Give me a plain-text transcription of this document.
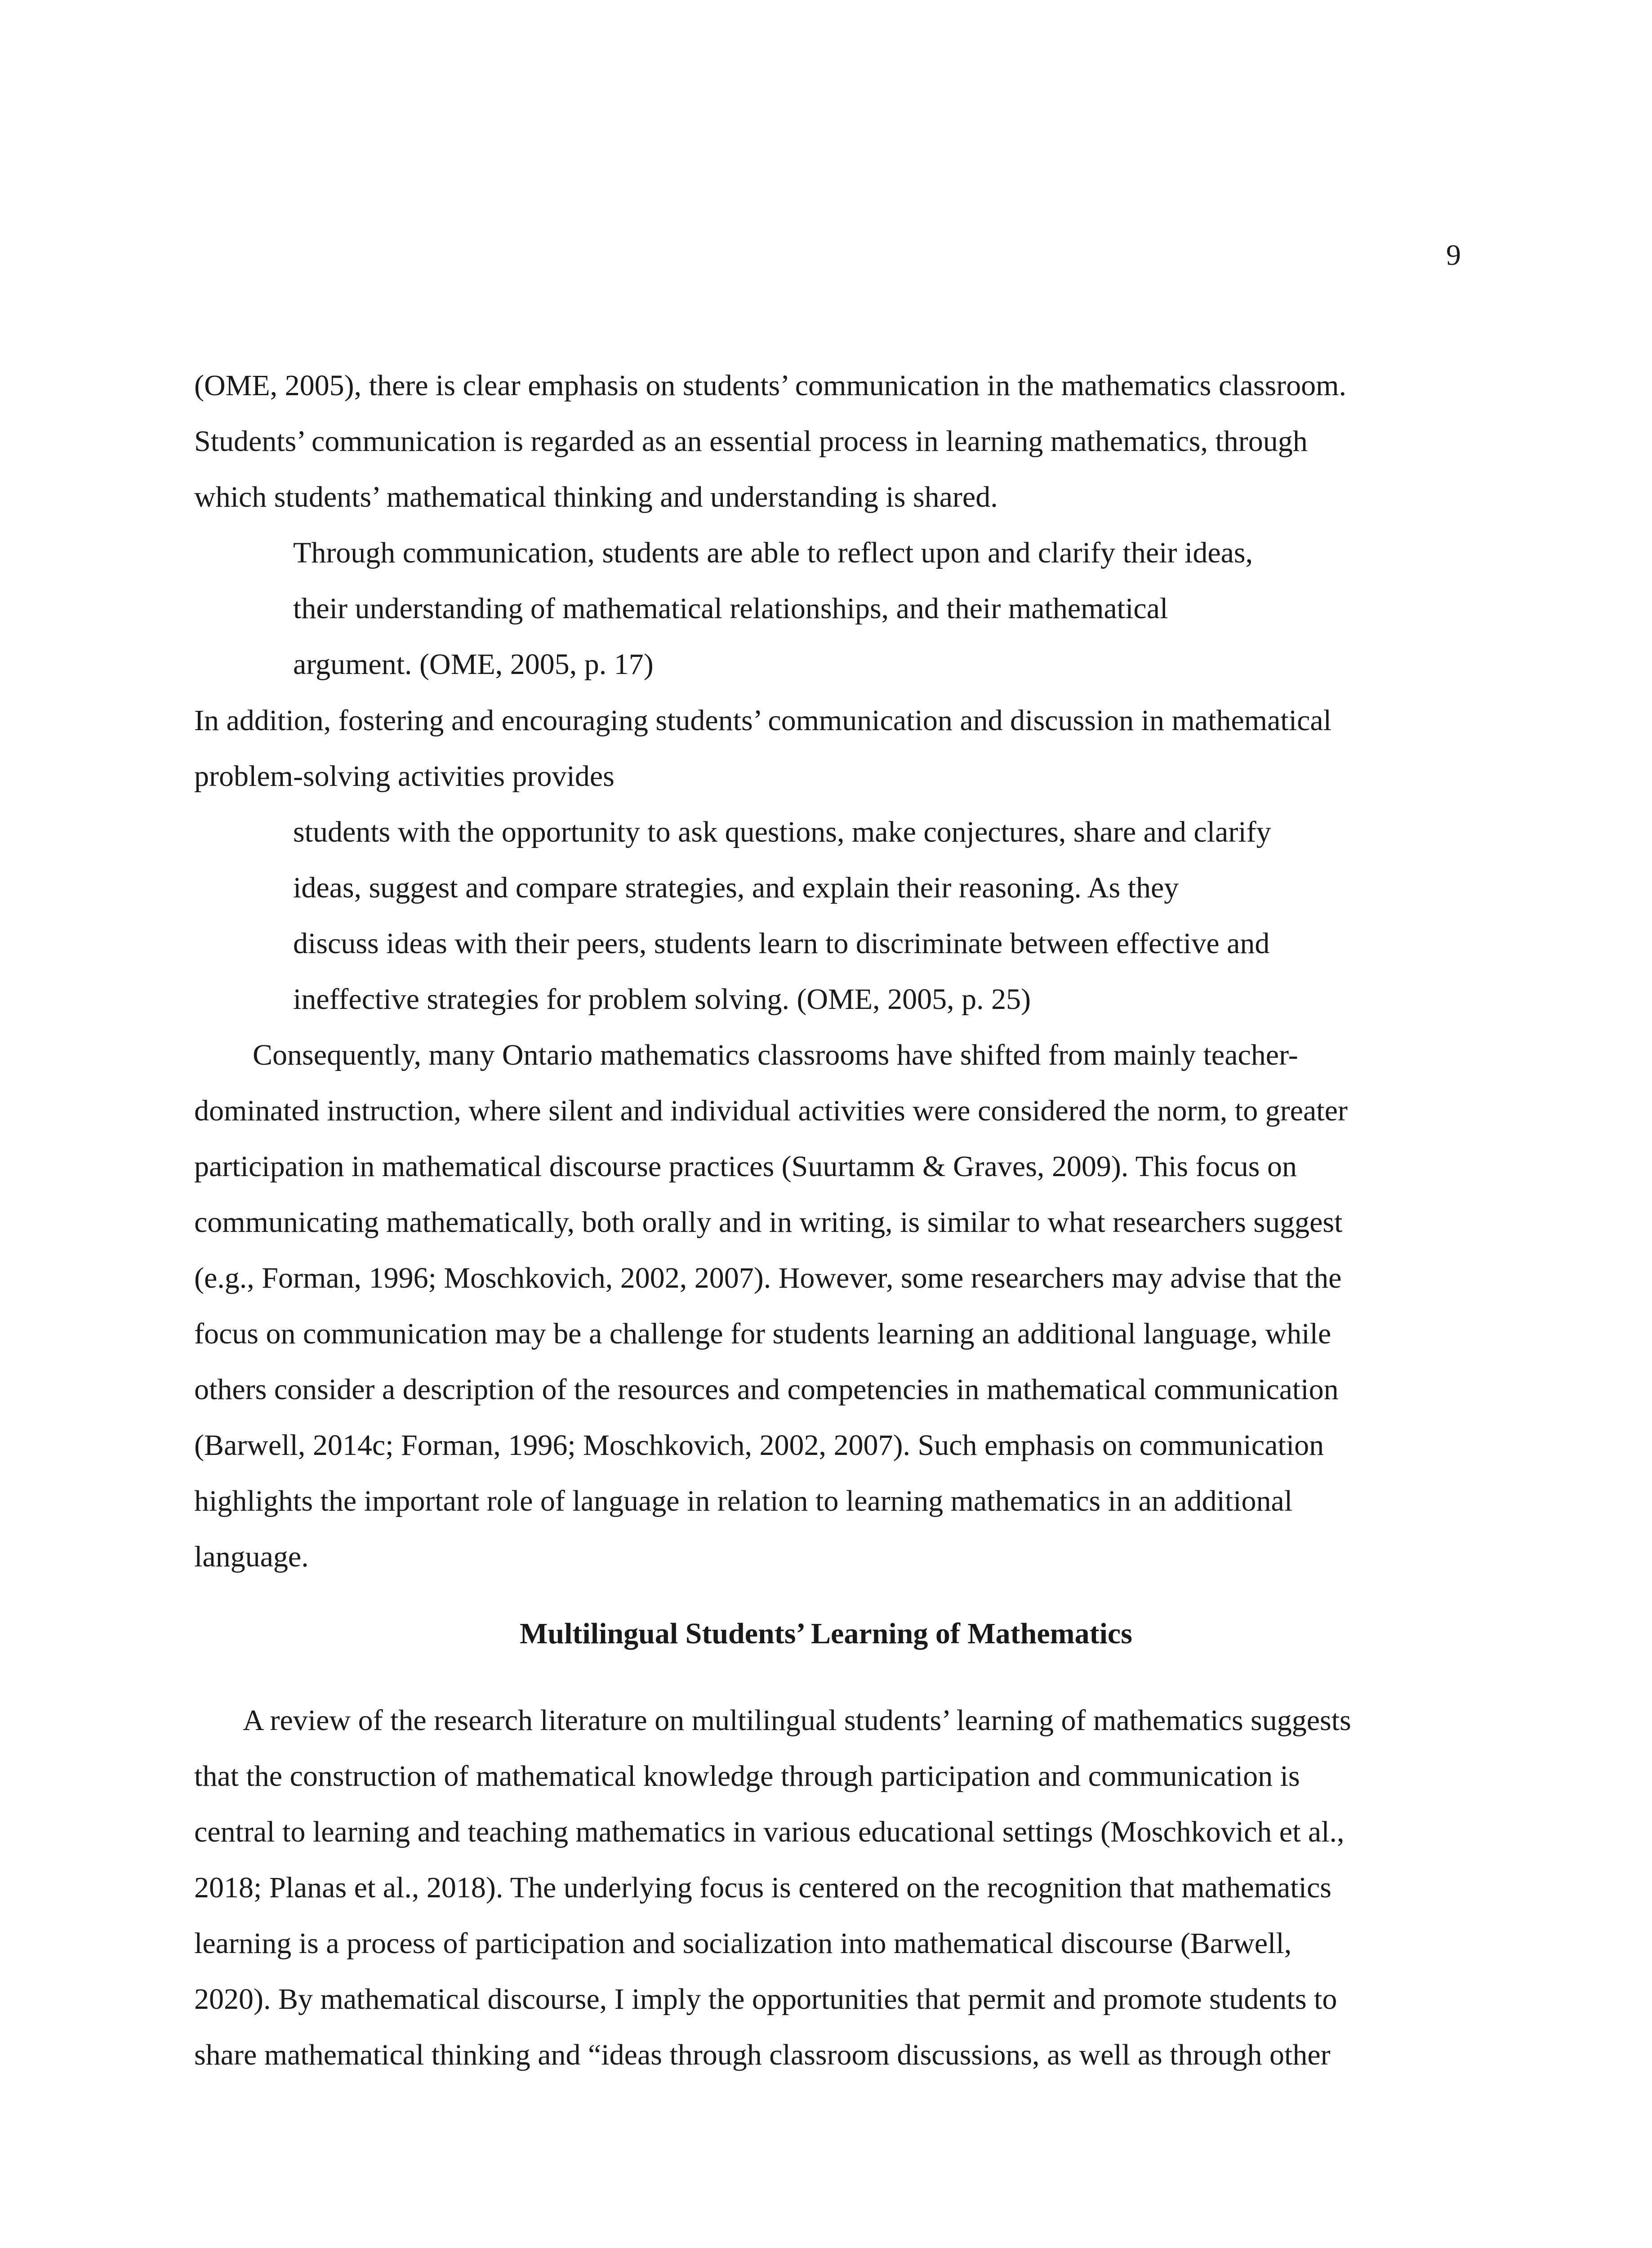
9
(OME, 2005), there is clear emphasis on students’ communication in the mathematics classroom.
Students’ communication is regarded as an essential process in learning mathematics, through
which students’ mathematical thinking and understanding is shared.
Through communication, students are able to reflect upon and clarify their ideas,
their understanding of mathematical relationships, and their mathematical
argument. (OME, 2005, p. 17)
In addition, fostering and encouraging students’ communication and discussion in mathematical
problem-solving activities provides
students with the opportunity to ask questions, make conjectures, share and clarify
ideas, suggest and compare strategies, and explain their reasoning. As they
discuss ideas with their peers, students learn to discriminate between effective and
ineffective strategies for problem solving. (OME, 2005, p. 25)
Consequently, many Ontario mathematics classrooms have shifted from mainly teacher-
dominated instruction, where silent and individual activities were considered the norm, to greater
participation in mathematical discourse practices (Suurtamm & Graves, 2009). This focus on
communicating mathematically, both orally and in writing, is similar to what researchers suggest
(e.g., Forman, 1996; Moschkovich, 2002, 2007). However, some researchers may advise that the
focus on communication may be a challenge for students learning an additional language, while
others consider a description of the resources and competencies in mathematical communication
(Barwell, 2014c; Forman, 1996; Moschkovich, 2002, 2007). Such emphasis on communication
highlights the important role of language in relation to learning mathematics in an additional
language.
Multilingual Students’ Learning of Mathematics
A review of the research literature on multilingual students’ learning of mathematics suggests
that the construction of mathematical knowledge through participation and communication is
central to learning and teaching mathematics in various educational settings (Moschkovich et al.,
2018; Planas et al., 2018). The underlying focus is centered on the recognition that mathematics
learning is a process of participation and socialization into mathematical discourse (Barwell,
2020). By mathematical discourse, I imply the opportunities that permit and promote students to
share mathematical thinking and “ideas through classroom discussions, as well as through other
